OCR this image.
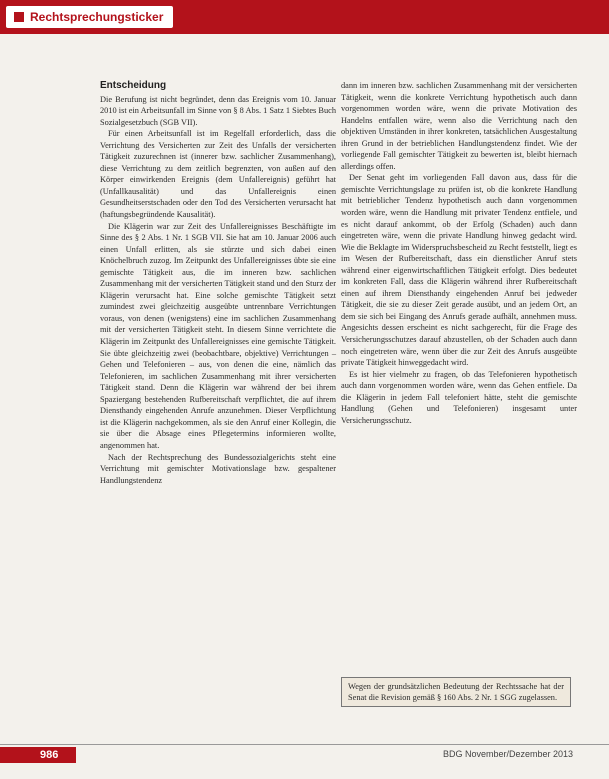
Rechtsprechungsticker
Entscheidung

Die Berufung ist nicht begründet, denn das Ereignis vom 10. Januar 2010 ist ein Arbeitsunfall im Sinne von § 8 Abs. 1 Satz 1 Siebtes Buch Sozialgesetzbuch (SGB VII).

Für einen Arbeitsunfall ist im Regelfall erforderlich, dass die Verrichtung des Versicherten zur Zeit des Unfalls der versicherten Tätigkeit zuzurechnen ist (innerer bzw. sachlicher Zusammenhang), diese Verrichtung zu dem zeitlich begrenzten, von außen auf den Körper einwirkenden Ereignis (dem Unfallereignis) geführt hat (Unfallkausalität) und das Unfallereignis einen Gesundheitserstschaden oder den Tod des Versicherten verursacht hat (haftungsbegründende Kausalität).

Die Klägerin war zur Zeit des Unfallereignisses Beschäftigte im Sinne des § 2 Abs. 1 Nr. 1 SGB VII. Sie hat am 10. Januar 2006 auch einen Unfall erlitten, als sie stürzte und sich dabei einen Knöchelbruch zuzog. Im Zeitpunkt des Unfallereignisses übte sie eine gemischte Tätigkeit aus, die im inneren bzw. sachlichen Zusammenhang mit der versicherten Tätigkeit stand und den Sturz der Klägerin verursacht hat. Eine solche gemischte Tätigkeit setzt zumindest zwei gleichzeitig ausgeübte untrennbare Verrichtungen voraus, von denen (wenigstens) eine im sachlichen Zusammenhang mit der versicherten Tätigkeit steht. In diesem Sinne verrichtete die Klägerin im Zeitpunkt des Unfallereignisses eine gemischte Tätigkeit. Sie übte gleichzeitig zwei (beobachtbare, objektive) Verrichtungen – Gehen und Telefonieren – aus, von denen die eine, nämlich das Telefonieren, im sachlichen Zusammenhang mit ihrer versicherten Tätigkeit stand. Denn die Klägerin war während der bei ihrem Spaziergang bestehenden Rufbereitschaft verpflichtet, die auf ihrem Diensthandy eingehenden Anrufe anzunehmen. Dieser Verpflichtung ist die Klägerin nachgekommen, als sie den Anruf einer Kollegin, die sie über die Absage eines Pflegetermins informieren wollte, angenommen hat.

Nach der Rechtsprechung des Bundessozialgerichts steht eine Verrichtung mit gemischter Motivationslage bzw. gespaltener Handlungstendenz

dann im inneren bzw. sachlichen Zusammenhang mit der versicherten Tätigkeit, wenn die konkrete Verrichtung hypothetisch auch dann vorgenommen worden wäre, wenn die private Motivation des Handelns entfallen wäre, wenn also die Verrichtung nach den objektiven Umständen in ihrer konkreten, tatsächlichen Ausgestaltung ihren Grund in der betrieblichen Handlungstendenz findet. Wie der vorliegende Fall gemischter Tätigkeit zu bewerten ist, bleibt hiernach allerdings offen.

Der Senat geht im vorliegenden Fall davon aus, dass für die gemischte Verrichtungslage zu prüfen ist, ob die konkrete Handlung mit betrieblicher Tendenz hypothetisch auch dann vorgenommen worden wäre, wenn die Handlung mit privater Tendenz entfiele, und es nicht darauf ankommt, ob der Erfolg (Schaden) auch dann eingetreten wäre, wenn die private Handlung hinweg gedacht wird. Wie die Beklagte im Widerspruchsbescheid zu Recht feststellt, liegt es im Wesen der Rufbereitschaft, dass ein dienstlicher Anruf stets während einer eigenwirtschaftlichen Tätigkeit erfolgt. Dies bedeutet im konkreten Fall, dass die Klägerin während ihrer Rufbereitschaft einen auf ihrem Diensthandy eingehenden Anruf bei jedweder Tätigkeit, die sie zu dieser Zeit gerade ausübt, und an jedem Ort, an dem sie sich bei Eingang des Anrufs gerade aufhält, annehmen muss. Angesichts dessen erscheint es nicht sachgerecht, für die Frage des Versicherungsschutzes darauf abzustellen, ob der Schaden auch dann noch eingetreten wäre, wenn über die zur Zeit des Anrufs ausgeübte private Tätigkeit hinweggedacht wird.

Es ist hier vielmehr zu fragen, ob das Telefonieren hypothetisch auch dann vorgenommen worden wäre, wenn das Gehen entfiele. Da die Klägerin in jedem Fall telefoniert hätte, steht die gemischte Handlung (Gehen und Telefonieren) insgesamt unter Versicherungsschutz.

Wegen der grundsätzlichen Bedeutung der Rechtssache hat der Senat die Revision gemäß § 160 Abs. 2 Nr. 1 SGG zugelassen.
986	BDG November/Dezember 2013
